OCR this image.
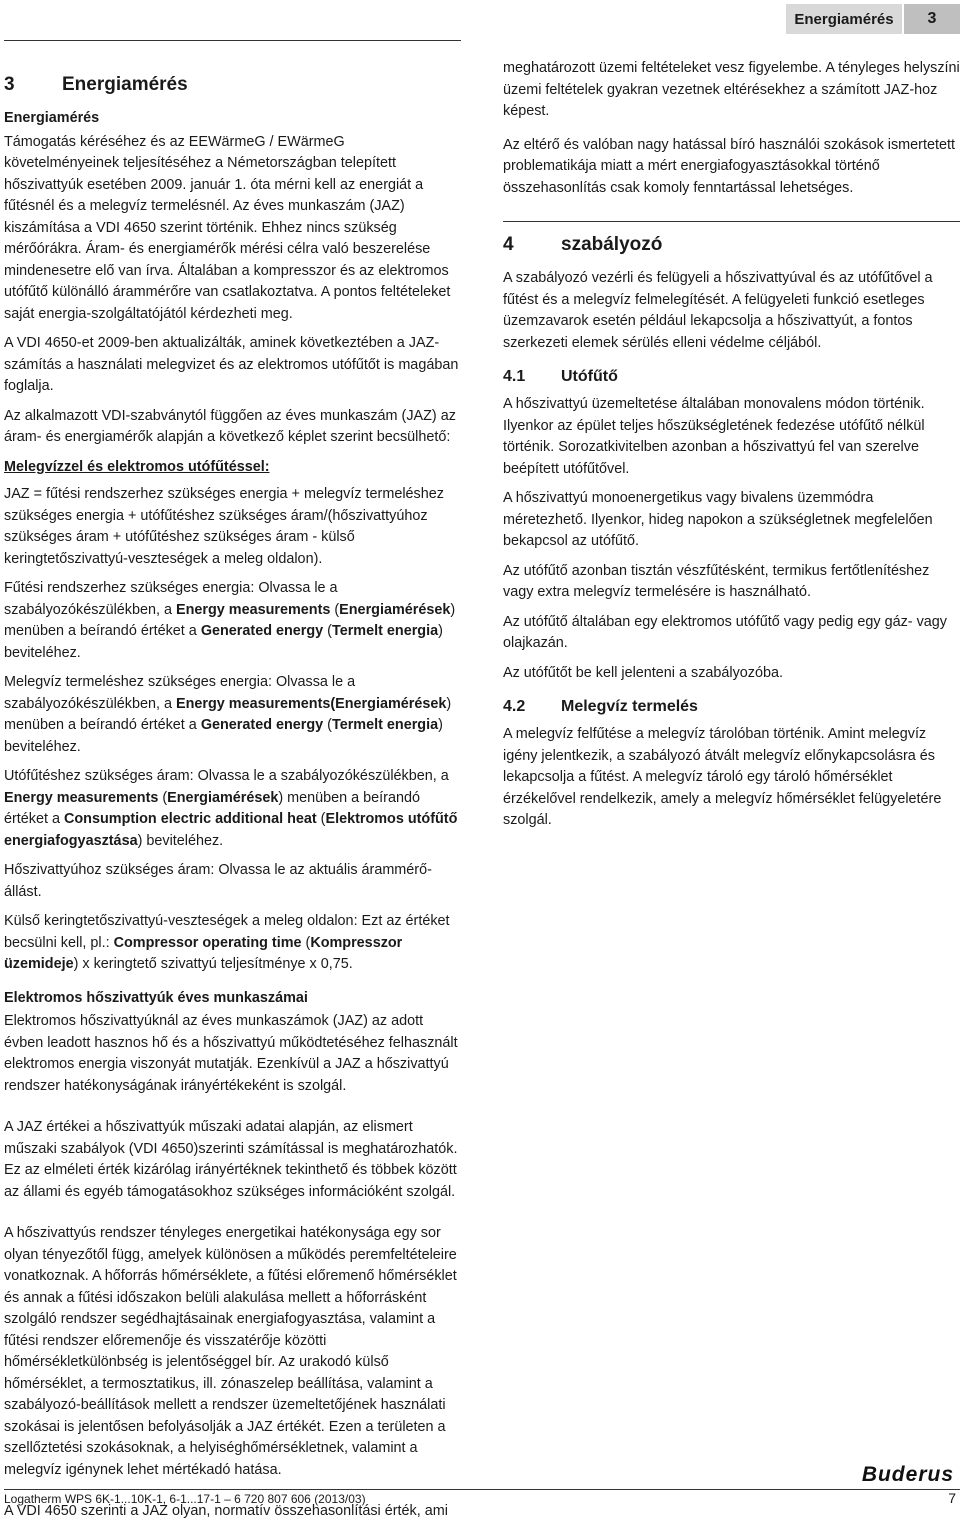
Energiamérés	3
3 Energiamérés
Energiamérés

Támogatás kéréséhez és az EEWärmeG / EWärmeG követelményeinek teljesítéséhez a Németországban telepített hőszivattyúk esetében 2009. január 1. óta mérni kell az energiát a fűtésnél és a melegvíz termelésnél. Az éves munkaszám (JAZ) kiszámítása a VDI 4650 szerint történik. Ehhez nincs szükség mérőórákra. Áram- és energiamérők mérési célra való beszerelése mindenesetre elő van írva. Általában a kompresszor és az elektromos utófűtő különálló árammérőre van csatlakoztatva. A pontos feltételeket saját energia-szolgáltatójától kérdezheti meg.

A VDI 4650-et 2009-ben aktualizálták, aminek következtében a JAZ-számítás a használati melegvizet és az elektromos utófűtőt is magában foglalja.

Az alkalmazott VDI-szabványtól függően az éves munkaszám (JAZ) az áram- és energiamérők alapján a következő képlet szerint becsülhető:

Melegvízzel és elektromos utófűtéssel:

JAZ = fűtési rendszerhez szükséges energia + melegvíz termeléshez szükséges energia + utófűtéshez szükséges áram/(hőszivattyúhoz szükséges áram + utófűtéshez szükséges áram - külső keringtetőszivattyú-veszteségek a meleg oldalon).

Fűtési rendszerhez szükséges energia: Olvassa le a szabályozókészülékben, a Energy measurements (Energiamérések) menüben a beírandó értéket a Generated energy (Termelt energia) beviteléhez.

Melegvíz termeléshez szükséges energia: Olvassa le a szabályozókészülékben, a Energy measurements(Energiamérések) menüben a beírandó értéket a Generated energy (Termelt energia) beviteléhez.

Utófűtéshez szükséges áram: Olvassa le a szabályozókészülékben, a Energy measurements (Energiamérések) menüben a beírandó értéket a Consumption electric additional heat (Elektromos utófűtő energiafogyasztása) beviteléhez.

Hőszivattyúhoz szükséges áram: Olvassa le az aktuális árammérő-állást.

Külső keringtetőszivattyú-veszteségek a meleg oldalon: Ezt az értéket becsülni kell, pl.: Compressor operating time (Kompresszor üzemideje) x keringtető szivattyú teljesítménye x 0,75.

Elektromos hőszivattyúk éves munkaszámai

Elektromos hőszivattyúknál az éves munkaszámok (JAZ) az adott évben leadott hasznos hő és a hőszivattyú működtetéséhez felhasznált elektromos energia viszonyát mutatják. Ezenkívül a JAZ a hőszivattyú rendszer hatékonyságának irányértékeként is szolgál.

A JAZ értékei a hőszivattyúk műszaki adatai alapján, az elismert műszaki szabályok (VDI 4650)szerinti számítással is meghatározhatók. Ez az elméleti érték kizárólag irányértéknek tekinthető és többek között az állami és egyéb támogatásokhoz szükséges információként szolgál.

A hőszivattyús rendszer tényleges energetikai hatékonysága egy sor olyan tényezőtől függ, amelyek különösen a működés peremfeltételeire vonatkoznak. A hőforrás hőmérséklete, a fűtési előremenő hőmérséklet és annak a fűtési időszakon belüli alakulása mellett a hőforrásként szolgáló rendszer segédhajtásainak energiafogyasztása, valamint a fűtési rendszer előremenője és visszatérője közötti hőmérsékletkülönbség is jelentőséggel bír. Az urakodó külső hőmérséklet, a termosztatikus, ill. zónaszelep beállítása, valamint a szabályozó-beállítások mellett a rendszer üzemeltetőjének használati szokásai is jelentősen befolyásolják a JAZ értékét. Ezen a területen a szellőztetési szokásoknak, a helyiséghőmérsékletnek, valamint a melegvíz igénynek lehet mértékadó hatása.

A VDI 4650 szerinti a JAZ olyan, normatív összehasonlítási érték, ami

meghatározott üzemi feltételeket vesz figyelembe. A tényleges helyszíni üzemi feltételek gyakran vezetnek eltérésekhez a számított JAZ-hoz képest.

Az eltérő és valóban nagy hatással bíró használói szokások ismertetett problematikája miatt a mért energiafogyasztásokkal történő összehasonlítás csak komoly fenntartással lehetséges.

4 szabályozó

A szabályozó vezérli és felügyeli a hőszivattyúval és az utófűtővel a fűtést és a melegvíz felmelegítését. A felügyeleti funkció esetleges üzemzavarok esetén például lekapcsolja a hőszivattyút, a fontos szerkezeti elemek sérülés elleni védelme céljából.

4.1 Utófűtő

A hőszivattyú üzemeltetése általában monovalens módon történik. Ilyenkor az épület teljes hőszükségletének fedezése utófűtő nélkül történik. Sorozatkivitelben azonban a hőszivattyú fel van szerelve beépített utófűtővel.

A hőszivattyú monoenergetikus vagy bivalens üzemmódra méretezhető. Ilyenkor, hideg napokon a szükségletnek megfelelően bekapcsol az utófűtő.

Az utófűtő azonban tisztán vészfűtésként, termikus fertőtlenítéshez vagy extra melegvíz termelésére is használható.

Az utófűtő általában egy elektromos utófűtő vagy pedig egy gáz- vagy olajkazán.

Az utófűtőt be kell jelenteni a szabályozóba.

4.2 Melegvíz termelés

A melegvíz felfűtése a melegvíz tárolóban történik. Amint melegvíz igény jelentkezik, a szabályozó átvált melegvíz előnykapcsolásra és lekapcsolja a fűtést. A melegvíz tároló egy tároló hőmérséklet érzékelővel rendelkezik, amely a melegvíz hőmérséklet felügyeletére szolgál.

Buderus
Logatherm WPS 6K-1...10K-1, 6-1...17-1 – 6 720 807 606 (2013/03)	7
